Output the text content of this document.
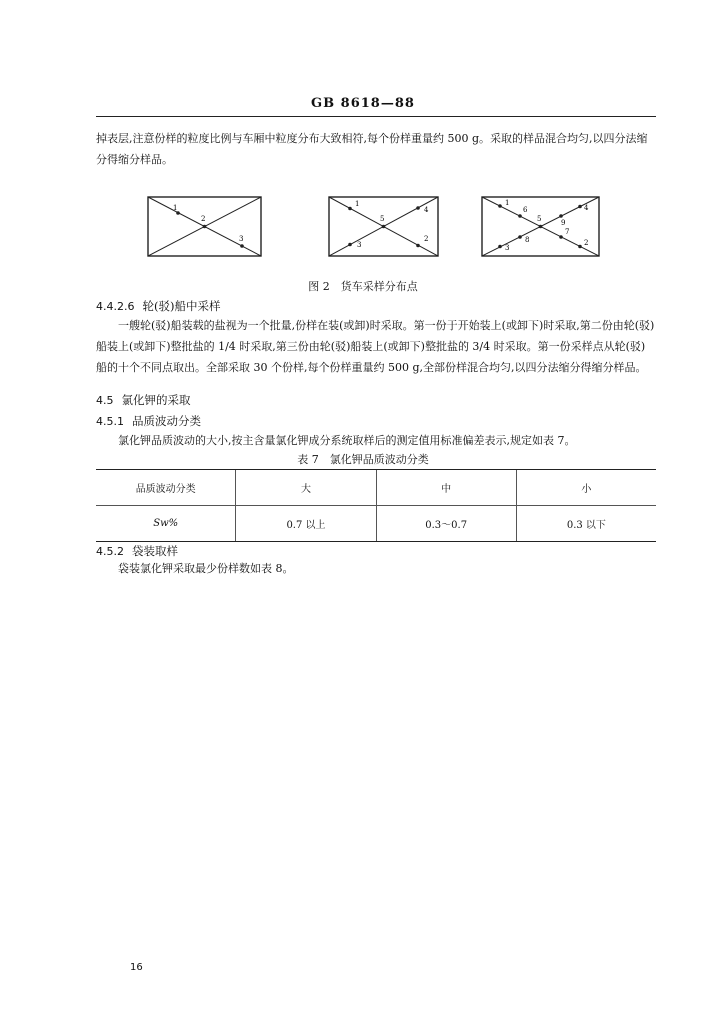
GB 8618—88
掉表层,注意份样的粒度比例与车厢中粒度分布大致相符,每个份样重量约 500 g。采取的样品混合均匀,以四分法缩分得缩分样品。
1
2
3
1
4
5
3
2
1
6
5
4
9
7
8
3
2
图 2　货车采样分布点
4.4.2.6 轮(驳)船中采样
一艘轮(驳)船装载的盐视为一个批量,份样在装(或卸)时采取。第一份于开始装上(或卸下)时采取,第二份由轮(驳)船装上(或卸下)整批盐的 1/4 时采取,第三份由轮(驳)船装上(或卸下)整批盐的 3/4 时采取。第一份采样点从轮(驳)船的十个不同点取出。全部采取 30 个份样,每个份样重量约 500 g,全部份样混合均匀,以四分法缩分得缩分样品。
4.5 氯化钾的采取
4.5.1 品质波动分类
氯化钾品质波动的大小,按主含量氯化钾成分系统取样后的测定值用标准偏差表示,规定如表 7。
表 7　氯化钾品质波动分类
品质波动分类	大	中	小
Sw%	0.7 以上	0.3～0.7	0.3 以下
4.5.2 袋装取样
袋装氯化钾采取最少份样数如表 8。
16
